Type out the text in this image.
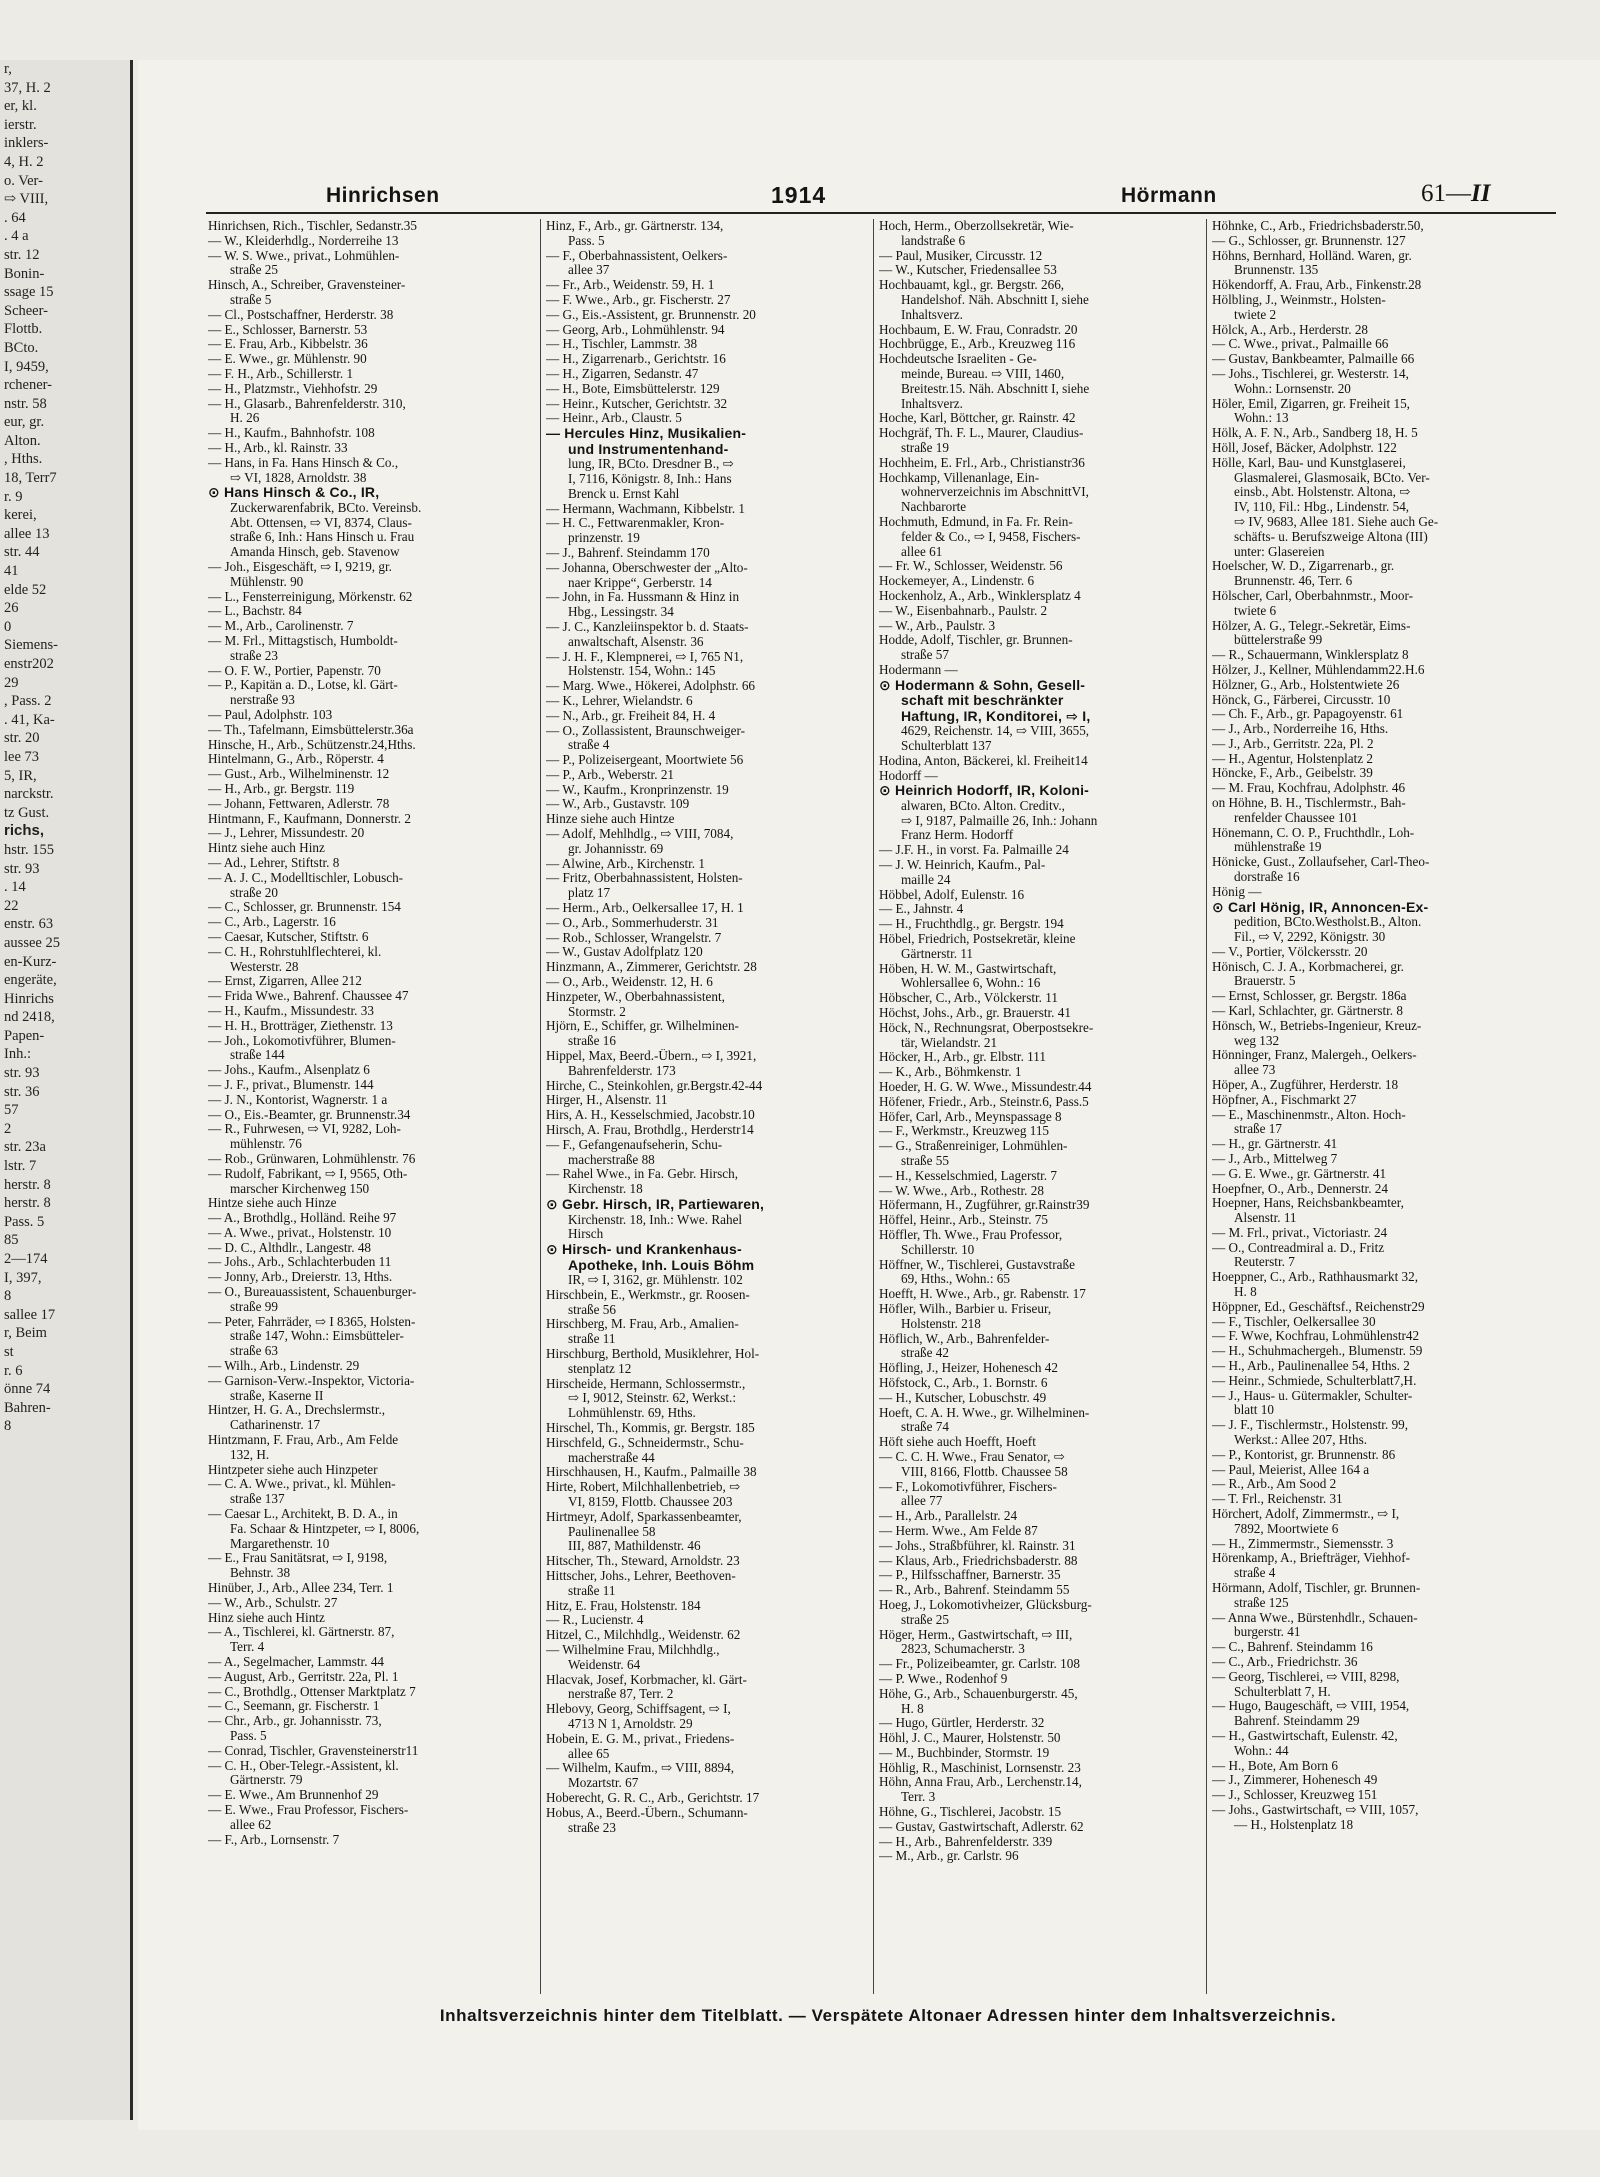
r,
37, H. 2
er, kl.
ierstr.
inklers-
4, H. 2
o. Ver-
⇨ VIII,
. 64
. 4 a
str. 12
Bonin-
ssage 15
Scheer-
Flottb.
BCto.
I, 9459,
rchener-
nstr. 58
eur, gr.
Alton.
, Hths.
18, Terr7
r. 9
kerei,
allee 13
str. 44
41
elde 52
26
0
Siemens-
enstr202
29
, Pass. 2
. 41, Ka-
str. 20
lee 73
5, IR,
narckstr.
tz Gust.
richs,
hstr. 155
str. 93
. 14
22
enstr. 63
aussee 25
en-Kurz-
engeräte,
Hinrichs
nd 2418,
Papen-
Inh.:
str. 93
str. 36
57
2
str. 23a
lstr. 7
herstr. 8
herstr. 8
Pass. 5
85
2—174
I, 397,
8
sallee 17
r, Beim
st
r. 6
önne 74
Bahren-
8
Hinrichsen	1914	Hörmann	61—II
Hinrichsen, Rich., Tischler, Sedanstr.35
— W., Kleiderhdlg., Norderreihe 13
— W. S. Wwe., privat., Lohmühlen-
straße 25
Hinsch, A., Schreiber, Gravensteiner-
straße 5
— Cl., Postschaffner, Herderstr. 38
— E., Schlosser, Barnerstr. 53
— E. Frau, Arb., Kibbelstr. 36
— E. Wwe., gr. Mühlenstr. 90
— F. H., Arb., Schillerstr. 1
— H., Platzmstr., Viehhofstr. 29
— H., Glasarb., Bahrenfelderstr. 310,
H. 26
— H., Kaufm., Bahnhofstr. 108
— H., Arb., kl. Rainstr. 33
— Hans, in Fa. Hans Hinsch & Co.,
⇨ VI, 1828, Arnoldstr. 38
⊙ Hans Hinsch & Co., IR,
Zuckerwarenfabrik, BCto. Vereinsb.
Abt. Ottensen, ⇨ VI, 8374, Claus-
straße 6, Inh.: Hans Hinsch u. Frau
Amanda Hinsch, geb. Stavenow
— Joh., Eisgeschäft, ⇨ I, 9219, gr.
Mühlenstr. 90
— L., Fensterreinigung, Mörkenstr. 62
— L., Bachstr. 84
— M., Arb., Carolinenstr. 7
— M. Frl., Mittagstisch, Humboldt-
straße 23
— O. F. W., Portier, Papenstr. 70
— P., Kapitän a. D., Lotse, kl. Gärt-
nerstraße 93
— Paul, Adolphstr. 103
— Th., Tafelmann, Eimsbüttelerstr.36a
Hinsche, H., Arb., Schützenstr.24,Hths.
Hintelmann, G., Arb., Röperstr. 4
— Gust., Arb., Wilhelminenstr. 12
— H., Arb., gr. Bergstr. 119
— Johann, Fettwaren, Adlerstr. 78
Hintmann, F., Kaufmann, Donnerstr. 2
— J., Lehrer, Missundestr. 20
Hintz siehe auch Hinz
— Ad., Lehrer, Stiftstr. 8
— A. J. C., Modelltischler, Lobusch-
straße 20
— C., Schlosser, gr. Brunnenstr. 154
— C., Arb., Lagerstr. 16
— Caesar, Kutscher, Stiftstr. 6
— C. H., Rohrstuhlflechterei, kl.
Westerstr. 28
— Ernst, Zigarren, Allee 212
— Frida Wwe., Bahrenf. Chaussee 47
— H., Kaufm., Missundestr. 33
— H. H., Brotträger, Ziethenstr. 13
— Joh., Lokomotivführer, Blumen-
straße 144
— Johs., Kaufm., Alsenplatz 6
— J. F., privat., Blumenstr. 144
— J. N., Kontorist, Wagnerstr. 1 a
— O., Eis.-Beamter, gr. Brunnenstr.34
— R., Fuhrwesen, ⇨ VI, 9282, Loh-
mühlenstr. 76
— Rob., Grünwaren, Lohmühlenstr. 76
— Rudolf, Fabrikant, ⇨ I, 9565, Oth-
marscher Kirchenweg 150
Hintze siehe auch Hinze
— A., Brothdlg., Holländ. Reihe 97
— A. Wwe., privat., Holstenstr. 10
— D. C., Althdlr., Langestr. 48
— Johs., Arb., Schlachterbuden 11
— Jonny, Arb., Dreierstr. 13, Hths.
— O., Bureauassistent, Schauenburger-
straße 99
— Peter, Fahrräder, ⇨ I 8365, Holsten-
straße 147, Wohn.: Eimsbütteler-
straße 63
— Wilh., Arb., Lindenstr. 29
— Garnison-Verw.-Inspektor, Victoria-
straße, Kaserne II
Hintzer, H. G. A., Drechslermstr.,
Catharinenstr. 17
Hintzmann, F. Frau, Arb., Am Felde
132, H.
Hintzpeter siehe auch Hinzpeter
— C. A. Wwe., privat., kl. Mühlen-
straße 137
— Caesar L., Architekt, B. D. A., in
Fa. Schaar & Hintzpeter, ⇨ I, 8006,
Margarethenstr. 10
— E., Frau Sanitätsrat, ⇨ I, 9198,
Behnstr. 38
Hinüber, J., Arb., Allee 234, Terr. 1
— W., Arb., Schulstr. 27
Hinz siehe auch Hintz
— A., Tischlerei, kl. Gärtnerstr. 87,
Terr. 4
— A., Segelmacher, Lammstr. 44
— August, Arb., Gerritstr. 22a, Pl. 1
— C., Brothdlg., Ottenser Marktplatz 7
— C., Seemann, gr. Fischerstr. 1
— Chr., Arb., gr. Johannisstr. 73,
Pass. 5
— Conrad, Tischler, Gravensteinerstr11
— C. H., Ober-Telegr.-Assistent, kl.
Gärtnerstr. 79
— E. Wwe., Am Brunnenhof 29
— E. Wwe., Frau Professor, Fischers-
allee 62
— F., Arb., Lornsenstr. 7
Hinz, F., Arb., gr. Gärtnerstr. 134,
Pass. 5
— F., Oberbahnassistent, Oelkers-
allee 37
— Fr., Arb., Weidenstr. 59, H. 1
— F. Wwe., Arb., gr. Fischerstr. 27
— G., Eis.-Assistent, gr. Brunnenstr. 20
— Georg, Arb., Lohmühlenstr. 94
— H., Tischler, Lammstr. 38
— H., Zigarrenarb., Gerichtstr. 16
— H., Zigarren, Sedanstr. 47
— H., Bote, Eimsbüttelerstr. 129
— Heinr., Kutscher, Gerichtstr. 32
— Heinr., Arb., Claustr. 5
— Hercules Hinz, Musikalien-
und Instrumentenhand-
lung, IR, BCto. Dresdner B., ⇨
I, 7116, Königstr. 8, Inh.: Hans
Brenck u. Ernst Kahl
— Hermann, Wachmann, Kibbelstr. 1
— H. C., Fettwarenmakler, Kron-
prinzenstr. 19
— J., Bahrenf. Steindamm 170
— Johanna, Oberschwester der „Alto-
naer Krippe“, Gerberstr. 14
— John, in Fa. Hussmann & Hinz in
Hbg., Lessingstr. 34
— J. C., Kanzleiinspektor b. d. Staats-
anwaltschaft, Alsenstr. 36
— J. H. F., Klempnerei, ⇨ I, 765 N1,
Holstenstr. 154, Wohn.: 145
— Marg. Wwe., Hökerei, Adolphstr. 66
— K., Lehrer, Wielandstr. 6
— N., Arb., gr. Freiheit 84, H. 4
— O., Zollassistent, Braunschweiger-
straße 4
— P., Polizeisergeant, Moortwiete 56
— P., Arb., Weberstr. 21
— W., Kaufm., Kronprinzenstr. 19
— W., Arb., Gustavstr. 109
Hinze siehe auch Hintze
— Adolf, Mehlhdlg., ⇨ VIII, 7084,
gr. Johannisstr. 69
— Alwine, Arb., Kirchenstr. 1
— Fritz, Oberbahnassistent, Holsten-
platz 17
— Herm., Arb., Oelkersallee 17, H. 1
— O., Arb., Sommerhuderstr. 31
— Rob., Schlosser, Wrangelstr. 7
— W., Gustav Adolfplatz 120
Hinzmann, A., Zimmerer, Gerichtstr. 28
— O., Arb., Weidenstr. 12, H. 6
Hinzpeter, W., Oberbahnassistent,
Stormstr. 2
Hjörn, E., Schiffer, gr. Wilhelminen-
straße 16
Hippel, Max, Beerd.-Übern., ⇨ I, 3921,
Bahrenfelderstr. 173
Hirche, C., Steinkohlen, gr.Bergstr.42-44
Hirger, H., Alsenstr. 11
Hirs, A. H., Kesselschmied, Jacobstr.10
Hirsch, A. Frau, Brothdlg., Herderstr14
— F., Gefangenaufseherin, Schu-
macherstraße 88
— Rahel Wwe., in Fa. Gebr. Hirsch,
Kirchenstr. 18
⊙ Gebr. Hirsch, IR, Partiewaren,
Kirchenstr. 18, Inh.: Wwe. Rahel
Hirsch
⊙ Hirsch- und Krankenhaus-
Apotheke, Inh. Louis Böhm
IR, ⇨ I, 3162, gr. Mühlenstr. 102
Hirschbein, E., Werkmstr., gr. Roosen-
straße 56
Hirschberg, M. Frau, Arb., Amalien-
straße 11
Hirschburg, Berthold, Musiklehrer, Hol-
stenplatz 12
Hirscheide, Hermann, Schlossermstr.,
⇨ I, 9012, Steinstr. 62, Werkst.:
Lohmühlenstr. 69, Hths.
Hirschel, Th., Kommis, gr. Bergstr. 185
Hirschfeld, G., Schneidermstr., Schu-
macherstraße 44
Hirschhausen, H., Kaufm., Palmaille 38
Hirte, Robert, Milchhallenbetrieb, ⇨
VI, 8159, Flottb. Chaussee 203
Hirtmeyr, Adolf, Sparkassenbeamter,
Paulinenallee 58
III, 887, Mathildenstr. 46
Hitscher, Th., Steward, Arnoldstr. 23
Hittscher, Johs., Lehrer, Beethoven-
straße 11
Hitz, E. Frau, Holstenstr. 184
— R., Lucienstr. 4
Hitzel, C., Milchhdlg., Weidenstr. 62
— Wilhelmine Frau, Milchhdlg.,
Weidenstr. 64
Hlacvak, Josef, Korbmacher, kl. Gärt-
nerstraße 87, Terr. 2
Hlebovy, Georg, Schiffsagent, ⇨ I,
4713 N 1, Arnoldstr. 29
Hobein, E. G. M., privat., Friedens-
allee 65
— Wilhelm, Kaufm., ⇨ VIII, 8894,
Mozartstr. 67
Hoberecht, G. R. C., Arb., Gerichtstr. 17
Hobus, A., Beerd.-Übern., Schumann-
straße 23
Hoch, Herm., Oberzollsekretär, Wie-
landstraße 6
— Paul, Musiker, Circusstr. 12
— W., Kutscher, Friedensallee 53
Hochbauamt, kgl., gr. Bergstr. 266,
Handelshof. Näh. Abschnitt I, siehe
Inhaltsverz.
Hochbaum, E. W. Frau, Conradstr. 20
Hochbrügge, E., Arb., Kreuzweg 116
Hochdeutsche Israeliten - Ge-
meinde, Bureau. ⇨ VIII, 1460,
Breitestr.15. Näh. Abschnitt I, siehe
Inhaltsverz.
Hoche, Karl, Böttcher, gr. Rainstr. 42
Hochgräf, Th. F. L., Maurer, Claudius-
straße 19
Hochheim, E. Frl., Arb., Christianstr36
Hochkamp, Villenanlage, Ein-
wohnerverzeichnis im AbschnittVI,
Nachbarorte
Hochmuth, Edmund, in Fa. Fr. Rein-
felder & Co., ⇨ I, 9458, Fischers-
allee 61
— Fr. W., Schlosser, Weidenstr. 56
Hockemeyer, A., Lindenstr. 6
Hockenholz, A., Arb., Winklersplatz 4
— W., Eisenbahnarb., Paulstr. 2
— W., Arb., Paulstr. 3
Hodde, Adolf, Tischler, gr. Brunnen-
straße 57
Hodermann —
⊙ Hodermann & Sohn, Gesell-
schaft mit beschränkter
Haftung, IR, Konditorei, ⇨ I,
4629, Reichenstr. 14, ⇨ VIII, 3655,
Schulterblatt 137
Hodina, Anton, Bäckerei, kl. Freiheit14
Hodorff —
⊙ Heinrich Hodorff, IR, Koloni-
alwaren, BCto. Alton. Creditv.,
⇨ I, 9187, Palmaille 26, Inh.: Johann
Franz Herm. Hodorff
— J.F. H., in vorst. Fa. Palmaille 24
— J. W. Heinrich, Kaufm., Pal-
maille 24
Höbbel, Adolf, Eulenstr. 16
— E., Jahnstr. 4
— H., Fruchthdlg., gr. Bergstr. 194
Höbel, Friedrich, Postsekretär, kleine
Gärtnerstr. 11
Höben, H. W. M., Gastwirtschaft,
Wohlersallee 6, Wohn.: 16
Höbscher, C., Arb., Völckerstr. 11
Höchst, Johs., Arb., gr. Brauerstr. 41
Höck, N., Rechnungsrat, Oberpostsekre-
tär, Wielandstr. 21
Höcker, H., Arb., gr. Elbstr. 111
— K., Arb., Böhmkenstr. 1
Hoeder, H. G. W. Wwe., Missundestr.44
Höfener, Friedr., Arb., Steinstr.6, Pass.5
Höfer, Carl, Arb., Meynspassage 8
— F., Werkmstr., Kreuzweg 115
— G., Straßenreiniger, Lohmühlen-
straße 55
— H., Kesselschmied, Lagerstr. 7
— W. Wwe., Arb., Rothestr. 28
Höfermann, H., Zugführer, gr.Rainstr39
Höffel, Heinr., Arb., Steinstr. 75
Höffler, Th. Wwe., Frau Professor,
Schillerstr. 10
Höffner, W., Tischlerei, Gustavstraße
69, Hths., Wohn.: 65
Hoefft, H. Wwe., Arb., gr. Rabenstr. 17
Höfler, Wilh., Barbier u. Friseur,
Holstenstr. 218
Höflich, W., Arb., Bahrenfelder-
straße 42
Höfling, J., Heizer, Hohenesch 42
Höfstock, C., Arb., 1. Bornstr. 6
— H., Kutscher, Lobuschstr. 49
Hoeft, C. A. H. Wwe., gr. Wilhelminen-
straße 74
Höft siehe auch Hoefft, Hoeft
— C. C. H. Wwe., Frau Senator, ⇨
VIII, 8166, Flottb. Chaussee 58
— F., Lokomotivführer, Fischers-
allee 77
— H., Arb., Parallelstr. 24
— Herm. Wwe., Am Felde 87
— Johs., Straßbführer, kl. Rainstr. 31
— Klaus, Arb., Friedrichsbaderstr. 88
— P., Hilfsschaffner, Barnerstr. 35
— R., Arb., Bahrenf. Steindamm 55
Hoeg, J., Lokomotivheizer, Glücksburg-
straße 25
Höger, Herm., Gastwirtschaft, ⇨ III,
2823, Schumacherstr. 3
— Fr., Polizeibeamter, gr. Carlstr. 108
— P. Wwe., Rodenhof 9
Höhe, G., Arb., Schauenburgerstr. 45,
H. 8
— Hugo, Gürtler, Herderstr. 32
Höhl, J. C., Maurer, Holstenstr. 50
— M., Buchbinder, Stormstr. 19
Höhlig, R., Maschinist, Lornsenstr. 23
Höhn, Anna Frau, Arb., Lerchenstr.14,
Terr. 3
Höhne, G., Tischlerei, Jacobstr. 15
— Gustav, Gastwirtschaft, Adlerstr. 62
— H., Arb., Bahrenfelderstr. 339
— M., Arb., gr. Carlstr. 96
Höhnke, C., Arb., Friedrichsbaderstr.50,
— G., Schlosser, gr. Brunnenstr. 127
Höhns, Bernhard, Holländ. Waren, gr.
Brunnenstr. 135
Hökendorff, A. Frau, Arb., Finkenstr.28
Hölbling, J., Weinmstr., Holsten-
twiete 2
Hölck, A., Arb., Herderstr. 28
— C. Wwe., privat., Palmaille 66
— Gustav, Bankbeamter, Palmaille 66
— Johs., Tischlerei, gr. Westerstr. 14,
Wohn.: Lornsenstr. 20
Höler, Emil, Zigarren, gr. Freiheit 15,
Wohn.: 13
Hölk, A. F. N., Arb., Sandberg 18, H. 5
Höll, Josef, Bäcker, Adolphstr. 122
Hölle, Karl, Bau- und Kunstglaserei,
Glasmalerei, Glasmosaik, BCto. Ver-
einsb., Abt. Holstenstr. Altona, ⇨
IV, 110, Fil.: Hbg., Lindenstr. 54,
⇨ IV, 9683, Allee 181. Siehe auch Ge-
schäfts- u. Berufszweige Altona (III)
unter: Glasereien
Hoelscher, W. D., Zigarrenarb., gr.
Brunnenstr. 46, Terr. 6
Hölscher, Carl, Oberbahnmstr., Moor-
twiete 6
Hölzer, A. G., Telegr.-Sekretär, Eims-
büttelerstraße 99
— R., Schauermann, Winklersplatz 8
Hölzer, J., Kellner, Mühlendamm22.H.6
Hölzner, G., Arb., Holstentwiete 26
Hönck, G., Färberei, Circusstr. 10
— Ch. F., Arb., gr. Papagoyenstr. 61
— J., Arb., Norderreihe 16, Hths.
— J., Arb., Gerritstr. 22a, Pl. 2
— H., Agentur, Holstenplatz 2
Höncke, F., Arb., Geibelstr. 39
— M. Frau, Kochfrau, Adolphstr. 46
on Höhne, B. H., Tischlermstr., Bah-
renfelder Chaussee 101
Hönemann, C. O. P., Fruchthdlr., Loh-
mühlenstraße 19
Hönicke, Gust., Zollaufseher, Carl-Theo-
dorstraße 16
Hönig —
⊙ Carl Hönig, IR, Annoncen-Ex-
pedition, BCto.Westholst.B., Alton.
Fil., ⇨ V, 2292, Königstr. 30
— V., Portier, Völckersstr. 20
Hönisch, C. J. A., Korbmacherei, gr.
Brauerstr. 5
— Ernst, Schlosser, gr. Bergstr. 186a
— Karl, Schlachter, gr. Gärtnerstr. 8
Hönsch, W., Betriebs-Ingenieur, Kreuz-
weg 132
Hönninger, Franz, Malergeh., Oelkers-
allee 73
Höper, A., Zugführer, Herderstr. 18
Höpfner, A., Fischmarkt 27
— E., Maschinenmstr., Alton. Hoch-
straße 17
— H., gr. Gärtnerstr. 41
— J., Arb., Mittelweg 7
— G. E. Wwe., gr. Gärtnerstr. 41
Hoepfner, O., Arb., Dennerstr. 24
Hoepner, Hans, Reichsbankbeamter,
Alsenstr. 11
— M. Frl., privat., Victoriastr. 24
— O., Contreadmiral a. D., Fritz
Reuterstr. 7
Hoeppner, C., Arb., Rathhausmarkt 32,
H. 8
Höppner, Ed., Geschäftsf., Reichenstr29
— F., Tischler, Oelkersallee 30
— F. Wwe, Kochfrau, Lohmühlenstr42
— H., Schuhmachergeh., Blumenstr. 59
— H., Arb., Paulinenallee 54, Hths. 2
— Heinr., Schmiede, Schulterblatt7,H.
— J., Haus- u. Gütermakler, Schulter-
blatt 10
— J. F., Tischlermstr., Holstenstr. 99,
Werkst.: Allee 207, Hths.
— P., Kontorist, gr. Brunnenstr. 86
— Paul, Meierist, Allee 164 a
— R., Arb., Am Sood 2
— T. Frl., Reichenstr. 31
Hörchert, Adolf, Zimmermstr., ⇨ I,
7892, Moortwiete 6
— H., Zimmermstr., Siemensstr. 3
Hörenkamp, A., Briefträger, Viehhof-
straße 4
Hörmann, Adolf, Tischler, gr. Brunnen-
straße 125
— Anna Wwe., Bürstenhdlr., Schauen-
burgerstr. 41
— C., Bahrenf. Steindamm 16
— C., Arb., Friedrichstr. 36
— Georg, Tischlerei, ⇨ VIII, 8298,
Schulterblatt 7, H.
— Hugo, Baugeschäft, ⇨ VIII, 1954,
Bahrenf. Steindamm 29
— H., Gastwirtschaft, Eulenstr. 42,
Wohn.: 44
— H., Bote, Am Born 6
— J., Zimmerer, Hohenesch 49
— J., Schlosser, Kreuzweg 151
— Johs., Gastwirtschaft, ⇨ VIII, 1057,
— H., Holstenplatz 18
Inhaltsverzeichnis hinter dem Titelblatt. — Verspätete Altonaer Adressen hinter dem Inhaltsverzeichnis.
